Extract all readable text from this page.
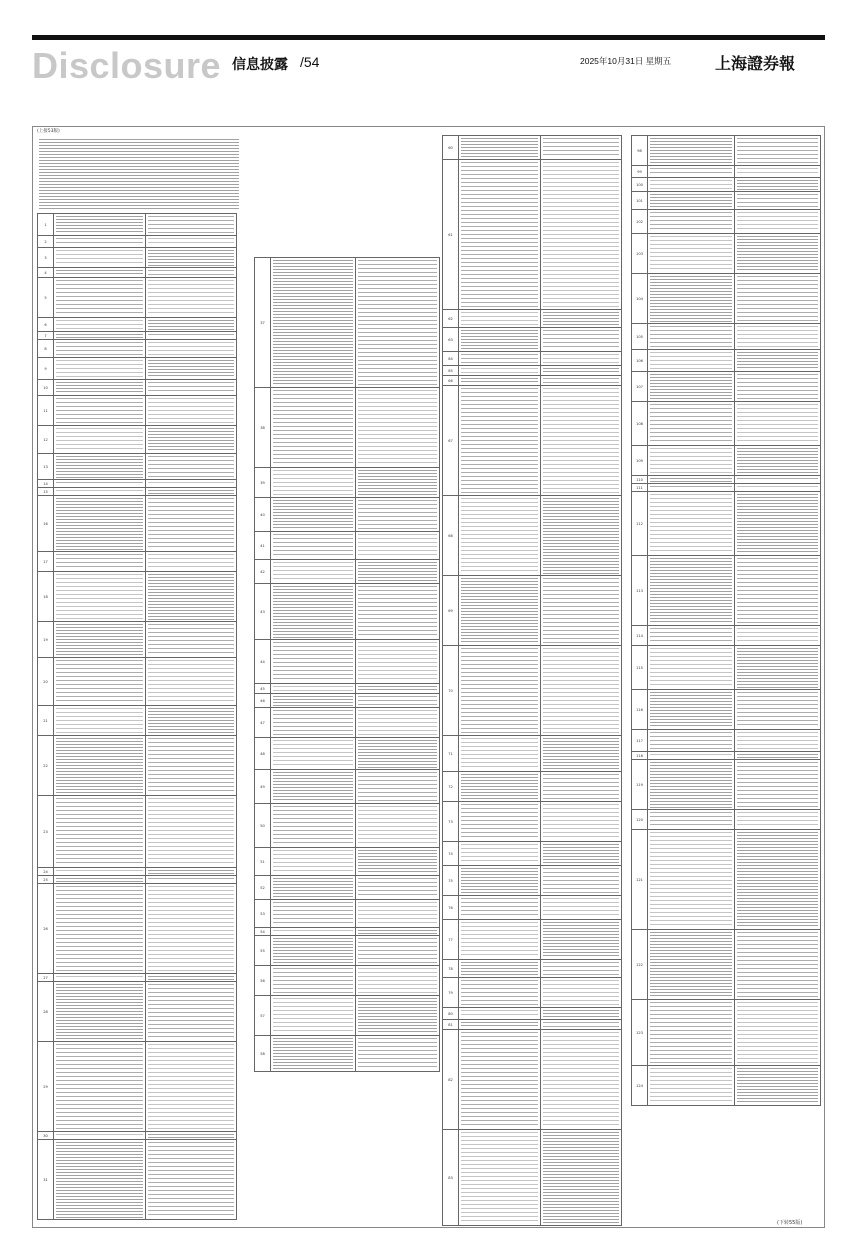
Disclosure 信息披露 /54	2025年10月31日 星期五	上海證券報
(上接53版)
1
2
3
4
5
6
7
8
9
10
11
12
13
14
15
16
17
18
19
20
21
22
23
24
25
26
27
28
29
30
31
37
38
39
40
41
42
43
44
45
46
47
48
49
50
51
52
53
54
55
56
57
58
60
61
62
63
64
65
66
67
68
69
70
71
72
73
74
75
76
77
78
79
80
81
82
83
98
99
100
101
102
103
104
105
106
107
108
109
110
111
112
113
114
115
116
117
118
119
120
121
122
123
124
(下转55版)
